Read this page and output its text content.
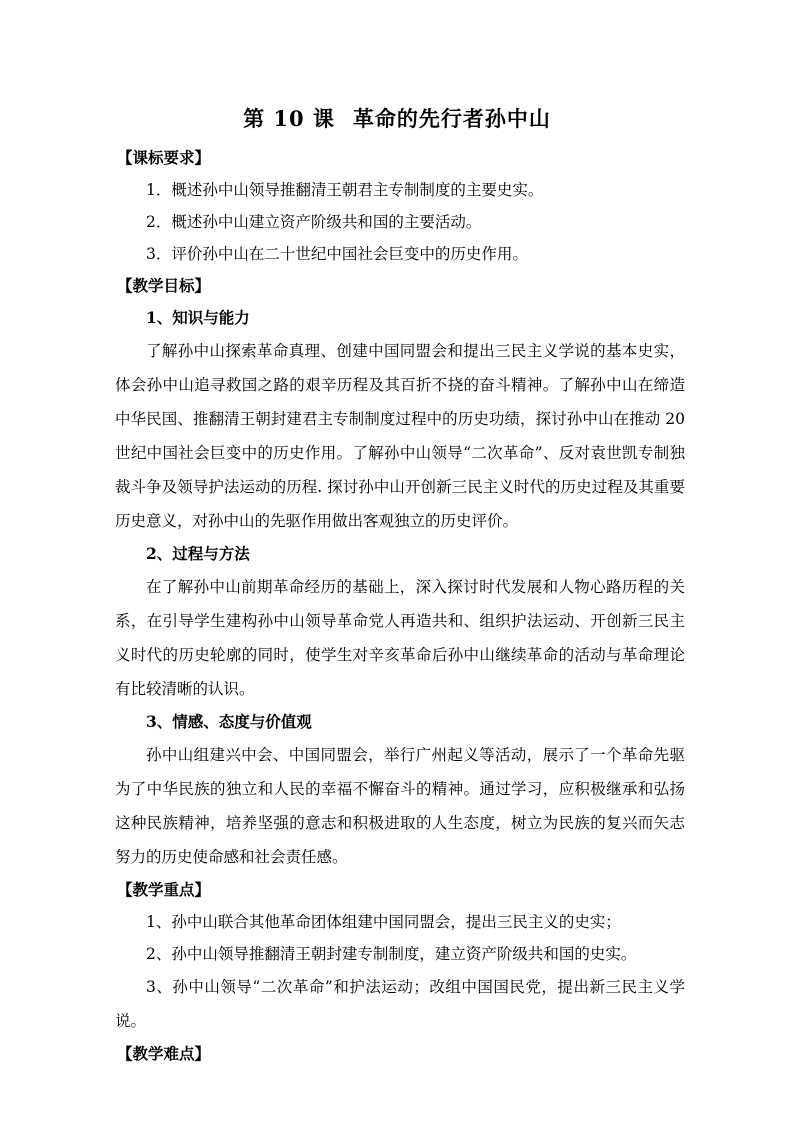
第 10 课 革命的先行者孙中山

【课标要求】

1．概述孙中山领导推翻清王朝君主专制制度的主要史实。

2．概述孙中山建立资产阶级共和国的主要活动。

3．评价孙中山在二十世纪中国社会巨变中的历史作用。

【教学目标】

1、知识与能力

了解孙中山探索革命真理、创建中国同盟会和提出三民主义学说的基本史实，体会孙中山追寻救国之路的艰辛历程及其百折不挠的奋斗精神。了解孙中山在缔造中华民国、推翻清王朝封建君主专制制度过程中的历史功绩，探讨孙中山在推动 20 世纪中国社会巨变中的历史作用。了解孙中山领导“二次革命”、反对袁世凯专制独裁斗争及领导护法运动的历程. 探讨孙中山开创新三民主义时代的历史过程及其重要历史意义，对孙中山的先驱作用做出客观独立的历史评价。

2、过程与方法

在了解孙中山前期革命经历的基础上，深入探讨时代发展和人物心路历程的关系，在引导学生建构孙中山领导革命党人再造共和、组织护法运动、开创新三民主义时代的历史轮廓的同时，使学生对辛亥革命后孙中山继续革命的活动与革命理论有比较清晰的认识。

3、情感、态度与价值观

孙中山组建兴中会、中国同盟会，举行广州起义等活动，展示了一个革命先驱为了中华民族的独立和人民的幸福不懈奋斗的精神。通过学习，应积极继承和弘扬这种民族精神，培养坚强的意志和积极进取的人生态度，树立为民族的复兴而矢志努力的历史使命感和社会责任感。

【教学重点】

1、孙中山联合其他革命团体组建中国同盟会，提出三民主义的史实；

2、孙中山领导推翻清王朝封建专制制度，建立资产阶级共和国的史实。

3、孙中山领导“二次革命”和护法运动；改组中国国民党，提出新三民主义学说。

【教学难点】
